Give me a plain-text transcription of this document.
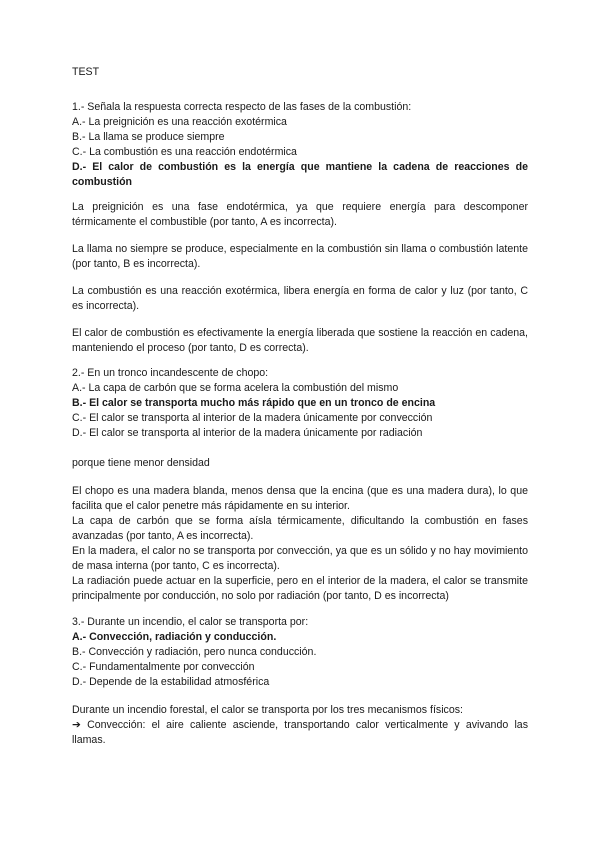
TEST

1.- Señala la respuesta correcta respecto de las fases de la combustión:

A.- La preignición es una reacción exotérmica

B.- La llama se produce siempre

C.- La combustión es una reacción endotérmica

D.- El calor de combustión es la energía que mantiene la cadena de reacciones de combustión

La preignición es una fase endotérmica, ya que requiere energía para descomponer térmicamente el combustible (por tanto, A es incorrecta).

La llama no siempre se produce, especialmente en la combustión sin llama o combustión latente (por tanto, B es incorrecta).

La combustión es una reacción exotérmica, libera energía en forma de calor y luz (por tanto, C es incorrecta).

El calor de combustión es efectivamente la energía liberada que sostiene la reacción en cadena, manteniendo el proceso (por tanto, D es correcta).

2.- En un tronco incandescente de chopo:

A.- La capa de carbón que se forma acelera la combustión del mismo

B.- El calor se transporta mucho más rápido que en un tronco de encina

C.- El calor se transporta al interior de la madera únicamente por convección

D.- El calor se transporta al interior de la madera únicamente por radiación

porque tiene menor densidad

El chopo es una madera blanda, menos densa que la encina (que es una madera dura), lo que facilita que el calor penetre más rápidamente en su interior.

La capa de carbón que se forma aísla térmicamente, dificultando la combustión en fases avanzadas (por tanto, A es incorrecta).

En la madera, el calor no se transporta por convección, ya que es un sólido y no hay movimiento de masa interna (por tanto, C es incorrecta).

La radiación puede actuar en la superficie, pero en el interior de la madera, el calor se transmite principalmente por conducción, no solo por radiación (por tanto, D es incorrecta)

3.- Durante un incendio, el calor se transporta por:

A.- Convección, radiación y conducción.

B.- Convección y radiación, pero nunca conducción.

C.- Fundamentalmente por convección

D.- Depende de la estabilidad atmosférica

Durante un incendio forestal, el calor se transporta por los tres mecanismos físicos:

➔ Convección: el aire caliente asciende, transportando calor verticalmente y avivando las llamas.
